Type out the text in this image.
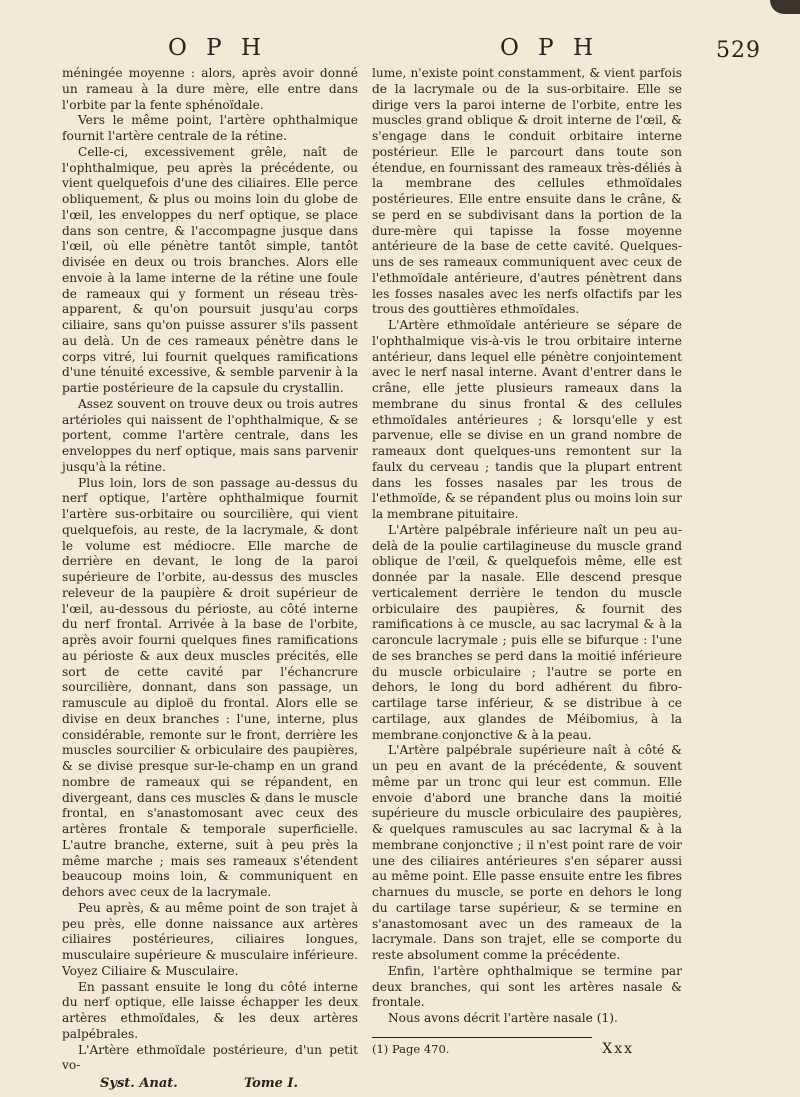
O P H	O P H	529

méningée moyenne : alors, après avoir donné un rameau à la dure mère, elle entre dans l'orbite par la fente sphénoïdale.

Vers le même point, l'artère ophthalmique fournit l'artère centrale de la rétine.

Celle-ci, excessivement grêle, naît de l'ophthalmique, peu après la précédente, ou vient quelquefois d'une des ciliaires. Elle perce obliquement, & plus ou moins loin du globe de l'œil, les enveloppes du nerf optique, se place dans son centre, & l'accompagne jusque dans l'œil, où elle pénètre tantôt simple, tantôt divisée en deux ou trois branches. Alors elle envoie à la lame interne de la rétine une foule de rameaux qui y forment un réseau très-apparent, & qu'on poursuit jusqu'au corps ciliaire, sans qu'on puisse assurer s'ils passent au delà. Un de ces rameaux pénètre dans le corps vitré, lui fournit quelques ramifications d'une ténuité excessive, & semble parvenir à la partie postérieure de la capsule du crystallin.

Assez souvent on trouve deux ou trois autres artérioles qui naissent de l'ophthalmique, & se portent, comme l'artère centrale, dans les enveloppes du nerf optique, mais sans parvenir jusqu'à la rétine.

Plus loin, lors de son passage au-dessus du nerf optique, l'artère ophthalmique fournit l'artère sus-orbitaire ou sourcilière, qui vient quelquefois, au reste, de la lacrymale, & dont le volume est médiocre. Elle marche de derrière en devant, le long de la paroi supérieure de l'orbite, au-dessus des muscles releveur de la paupière & droit supérieur de l'œil, au-dessous du périoste, au côté interne du nerf frontal. Arrivée à la base de l'orbite, après avoir fourni quelques fines ramifications au périoste & aux deux muscles précités, elle sort de cette cavité par l'échancrure sourcilière, donnant, dans son passage, un ramuscule au diploë du frontal. Alors elle se divise en deux branches : l'une, interne, plus considérable, remonte sur le front, derrière les muscles sourcilier & orbiculaire des paupières, & se divise presque sur-le-champ en un grand nombre de rameaux qui se répandent, en divergeant, dans ces muscles & dans le muscle frontal, en s'anastomosant avec ceux des artères frontale & temporale superficielle. L'autre branche, externe, suit à peu près la même marche ; mais ses rameaux s'étendent beaucoup moins loin, & communiquent en dehors avec ceux de la lacrymale.

Peu après, & au même point de son trajet à peu près, elle donne naissance aux artères ciliaires postérieures, ciliaires longues, musculaire supérieure & musculaire inférieure. Voyez Ciliaire & Musculaire.

En passant ensuite le long du côté interne du nerf optique, elle laisse échapper les deux artères ethmoïdales, & les deux artères palpébrales.

L'Artère ethmoïdale postérieure, d'un petit vo-

Syst. Anat.	Tome I.

lume, n'existe point constamment, & vient parfois de la lacrymale ou de la sus-orbitaire. Elle se dirige vers la paroi interne de l'orbite, entre les muscles grand oblique & droit interne de l'œil, & s'engage dans le conduit orbitaire interne postérieur. Elle le parcourt dans toute son étendue, en fournissant des rameaux très-déliés à la membrane des cellules ethmoïdales postérieures. Elle entre ensuite dans le crâne, & se perd en se subdivisant dans la portion de la dure-mère qui tapisse la fosse moyenne antérieure de la base de cette cavité. Quelques-uns de ses rameaux communiquent avec ceux de l'ethmoïdale antérieure, d'autres pénètrent dans les fosses nasales avec les nerfs olfactifs par les trous des gouttières ethmoïdales.

L'Artère ethmoïdale antérieure se sépare de l'ophthalmique vis-à-vis le trou orbitaire interne antérieur, dans lequel elle pénètre conjointement avec le nerf nasal interne. Avant d'entrer dans le crâne, elle jette plusieurs rameaux dans la membrane du sinus frontal & des cellules ethmoïdales antérieures ; & lorsqu'elle y est parvenue, elle se divise en un grand nombre de rameaux dont quelques-uns remontent sur la faulx du cerveau ; tandis que la plupart entrent dans les fosses nasales par les trous de l'ethmoïde, & se répandent plus ou moins loin sur la membrane pituitaire.

L'Artère palpébrale inférieure naît un peu au-delà de la poulie cartilagineuse du muscle grand oblique de l'œil, & quelquefois même, elle est donnée par la nasale. Elle descend presque verticalement derrière le tendon du muscle orbiculaire des paupières, & fournit des ramifications à ce muscle, au sac lacrymal & à la caroncule lacrymale ; puis elle se bifurque : l'une de ses branches se perd dans la moitié inférieure du muscle orbiculaire ; l'autre se porte en dehors, le long du bord adhérent du fibro-cartilage tarse inférieur, & se distribue à ce cartilage, aux glandes de Méibomius, à la membrane conjonctive & à la peau.

L'Artère palpébrale supérieure naît à côté & un peu en avant de la précédente, & souvent même par un tronc qui leur est commun. Elle envoie d'abord une branche dans la moitié supérieure du muscle orbiculaire des paupières, & quelques ramuscules au sac lacrymal & à la membrane conjonctive ; il n'est point rare de voir une des ciliaires antérieures s'en séparer aussi au même point. Elle passe ensuite entre les fibres charnues du muscle, se porte en dehors le long du cartilage tarse supérieur, & se termine en s'anastomosant avec un des rameaux de la lacrymale. Dans son trajet, elle se comporte du reste absolument comme la précédente.

Enfin, l'artère ophthalmique se termine par deux branches, qui sont les artères nasale & frontale.

Nous avons décrit l'artère nasale (1).

(1) Page 470.	Xxx
